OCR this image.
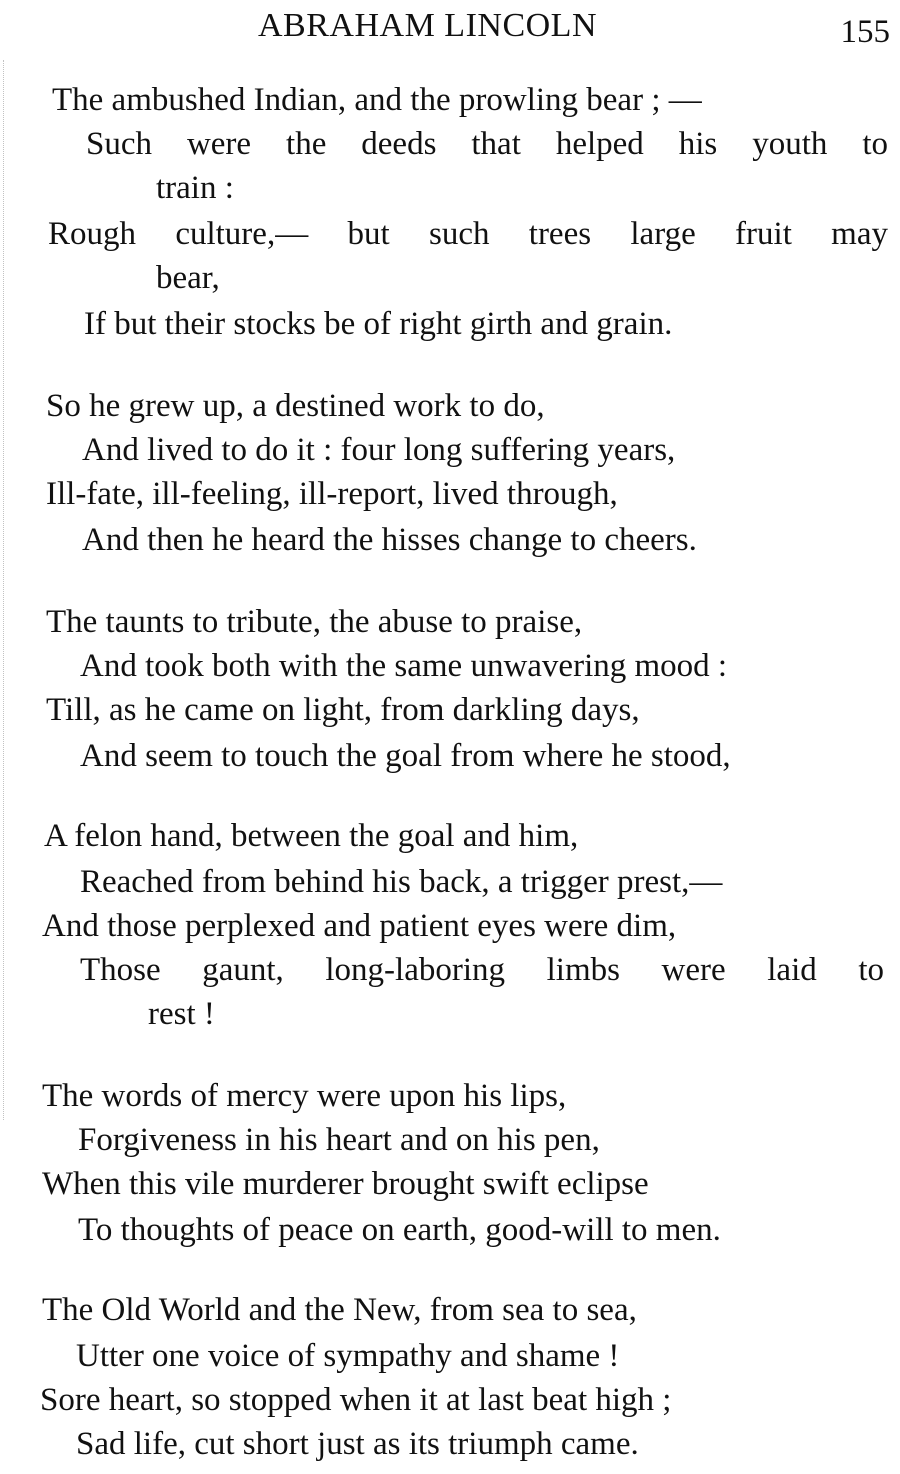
ABRAHAM LINCOLN	155
The ambushed Indian, and the prowling bear ; —
Such were the deeds that helped his youth to
train :
Rough culture,— but such trees large fruit may
bear,
If but their stocks be of right girth and grain.
So he grew up, a destined work to do,
And lived to do it : four long suffering years,
Ill-fate, ill-feeling, ill-report, lived through,
And then he heard the hisses change to cheers.
The taunts to tribute, the abuse to praise,
And took both with the same unwavering mood :
Till, as he came on light, from darkling days,
And seem to touch the goal from where he stood,
A felon hand, between the goal and him,
Reached from behind his back, a trigger prest,—
And those perplexed and patient eyes were dim,
Those gaunt, long-laboring limbs were laid to
rest !
The words of mercy were upon his lips,
Forgiveness in his heart and on his pen,
When this vile murderer brought swift eclipse
To thoughts of peace on earth, good-will to men.
The Old World and the New, from sea to sea,
Utter one voice of sympathy and shame !
Sore heart, so stopped when it at last beat high ;
Sad life, cut short just as its triumph came.
